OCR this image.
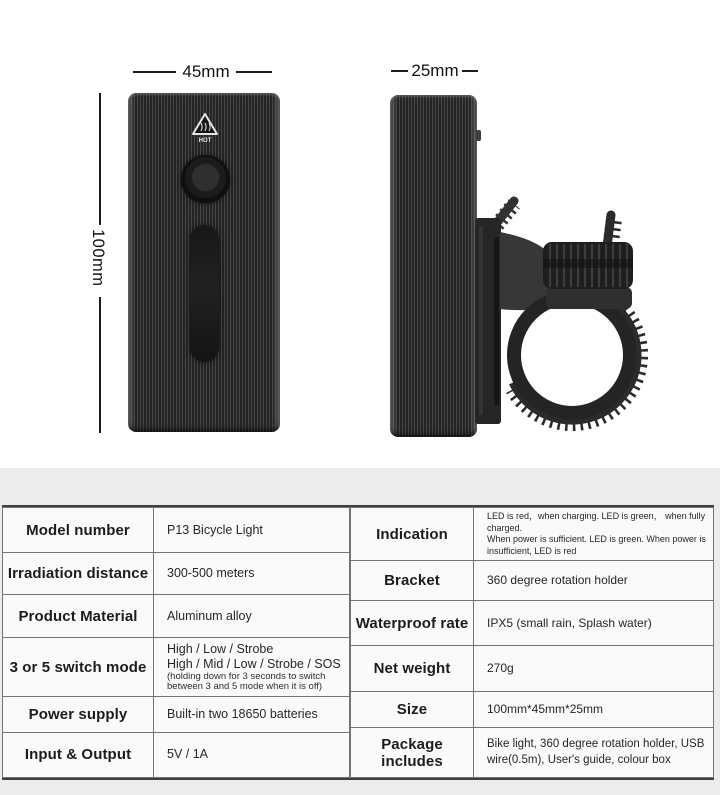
45mm	25mm
100mm
HOT
Model number	P13 Bicycle Light

Irradiation distance	300-500 meters

Product Material	Aluminum alloy

3 or 5 switch mode	High / Low / Strobe
High / Mid / Low / Strobe / SOS
(holding down for 3 seconds to switch between 3 and 5 mode when it is off)

Power supply	Built-in two 18650 batteries

Input & Output	5V / 1A
Indication	LED is red，when charging. LED is green， when fully charged.
When power is sufficient. LED is green. When power is insufficient, LED is red

Bracket	360 degree rotation holder

Waterproof rate	IPX5 (small rain, Splash water)

Net weight	270g

Size	100mm*45mm*25mm

Package includes	Bike light, 360 degree rotation holder, USB wire(0.5m), User's guide, colour box
